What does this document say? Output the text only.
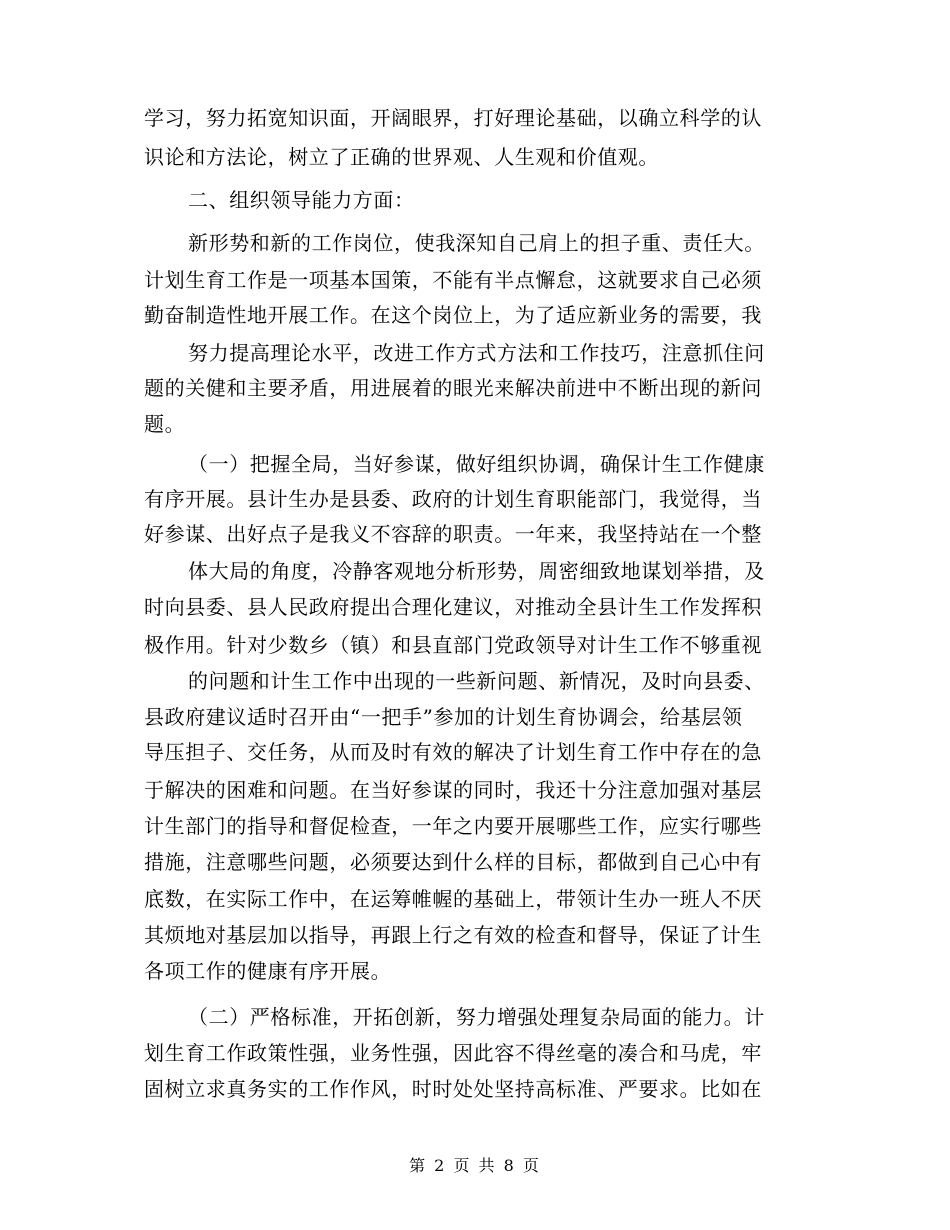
学习，努力拓宽知识面，开阔眼界，打好理论基础，以确立科学的认
识论和方法论，树立了正确的世界观、人生观和价值观。
二、组织领导能力方面：
新形势和新的工作岗位，使我深知自己肩上的担子重、责任大。
计划生育工作是一项基本国策，不能有半点懈怠，这就要求自己必须
勤奋制造性地开展工作。在这个岗位上，为了适应新业务的需要，我
努力提高理论水平，改进工作方式方法和工作技巧，注意抓住问
题的关健和主要矛盾，用进展着的眼光来解决前进中不断出现的新问
题。
（一）把握全局，当好参谋，做好组织协调，确保计生工作健康
有序开展。县计生办是县委、政府的计划生育职能部门，我觉得，当
好参谋、出好点子是我义不容辞的职责。一年来，我坚持站在一个整
体大局的角度，冷静客观地分析形势，周密细致地谋划举措，及
时向县委、县人民政府提出合理化建议，对推动全县计生工作发挥积
极作用。针对少数乡（镇）和县直部门党政领导对计生工作不够重视
的问题和计生工作中出现的一些新问题、新情况，及时向县委、
县政府建议适时召开由“一把手”参加的计划生育协调会，给基层领
导压担子、交任务，从而及时有效的解决了计划生育工作中存在的急
于解决的困难和问题。在当好参谋的同时，我还十分注意加强对基层
计生部门的指导和督促检查，一年之内要开展哪些工作，应实行哪些
措施，注意哪些问题，必须要达到什么样的目标，都做到自己心中有
底数，在实际工作中，在运筹帷幄的基础上，带领计生办一班人不厌
其烦地对基层加以指导，再跟上行之有效的检查和督导，保证了计生
各项工作的健康有序开展。
（二）严格标准，开拓创新，努力增强处理复杂局面的能力。计
划生育工作政策性强，业务性强，因此容不得丝毫的凑合和马虎，牢
固树立求真务实的工作作风，时时处处坚持高标准、严要求。比如在
第 2 页 共 8 页
